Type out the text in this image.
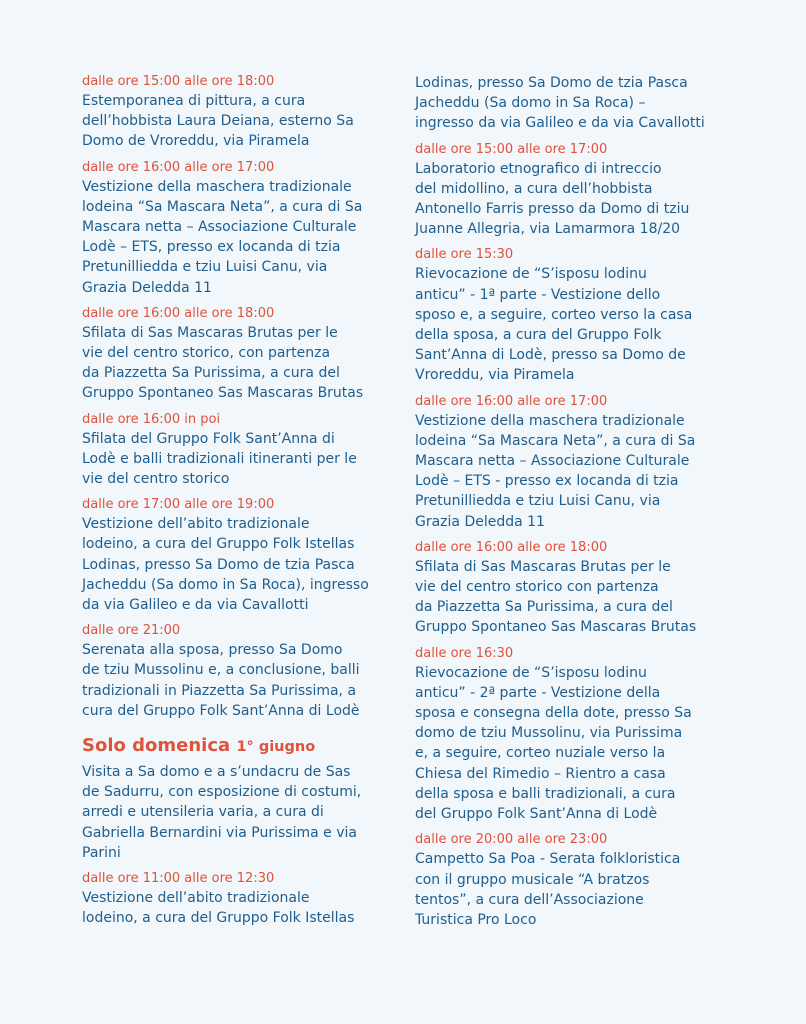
dalle ore 15:00 alle ore 18:00

Estemporanea di pittura, a cura
dell’hobbista Laura Deiana, esterno Sa
Domo de Vroreddu, via Piramela

dalle ore 16:00 alle ore 17:00

Vestizione della maschera tradizionale
lodeina “Sa Mascara Neta”, a cura di Sa
Mascara netta – Associazione Culturale
Lodè – ETS, presso ex locanda di tzia
Pretunilliedda e tziu Luisi Canu, via
Grazia Deledda 11

dalle ore 16:00 alle ore 18:00

Sfilata di Sas Mascaras Brutas per le
vie del centro storico, con partenza
da Piazzetta Sa Purissima, a cura del
Gruppo Spontaneo Sas Mascaras Brutas

dalle ore 16:00 in poi

Sfilata del Gruppo Folk Sant’Anna di
Lodè e balli tradizionali itineranti per le
vie del centro storico

dalle ore 17:00 alle ore 19:00

Vestizione dell’abito tradizionale
lodeino, a cura del Gruppo Folk Istellas
Lodinas, presso Sa Domo de tzia Pasca
Jacheddu (Sa domo in Sa Roca), ingresso
da via Galileo e da via Cavallotti

dalle ore 21:00

Serenata alla sposa, presso Sa Domo
de tziu Mussolinu e, a conclusione, balli
tradizionali in Piazzetta Sa Purissima, a
cura del Gruppo Folk Sant’Anna di Lodè

Solo domenica 1° giugno

Visita a Sa domo e a s’undacru de Sas
de Sadurru, con esposizione di costumi,
arredi e utensileria varia, a cura di
Gabriella Bernardini via Purissima e via
Parini

dalle ore 11:00 alle ore 12:30

Vestizione dell’abito tradizionale
lodeino, a cura del Gruppo Folk Istellas

Lodinas, presso Sa Domo de tzia Pasca
Jacheddu (Sa domo in Sa Roca) –
ingresso da via Galileo e da via Cavallotti

dalle ore 15:00 alle ore 17:00

Laboratorio etnografico di intreccio
del midollino, a cura dell’hobbista
Antonello Farris presso da Domo di tziu
Juanne Allegria, via Lamarmora 18/20

dalle ore 15:30

Rievocazione de “S’isposu lodinu
anticu” - 1ª parte - Vestizione dello
sposo e, a seguire, corteo verso la casa
della sposa, a cura del Gruppo Folk
Sant’Anna di Lodè, presso sa Domo de
Vroreddu, via Piramela

dalle ore 16:00 alle ore 17:00

Vestizione della maschera tradizionale
lodeina “Sa Mascara Neta”, a cura di Sa
Mascara netta – Associazione Culturale
Lodè – ETS - presso ex locanda di tzia
Pretunilliedda e tziu Luisi Canu, via
Grazia Deledda 11

dalle ore 16:00 alle ore 18:00

Sfilata di Sas Mascaras Brutas per le
vie del centro storico con partenza
da Piazzetta Sa Purissima, a cura del
Gruppo Spontaneo Sas Mascaras Brutas

dalle ore 16:30

Rievocazione de “S’isposu lodinu
anticu” - 2ª parte - Vestizione della
sposa e consegna della dote, presso Sa
domo de tziu Mussolinu, via Purissima
e, a seguire, corteo nuziale verso la
Chiesa del Rimedio – Rientro a casa
della sposa e balli tradizionali, a cura
del Gruppo Folk Sant’Anna di Lodè

dalle ore 20:00 alle ore 23:00

Campetto Sa Poa - Serata folkloristica
con il gruppo musicale “A bratzos
tentos”, a cura dell’Associazione
Turistica Pro Loco
